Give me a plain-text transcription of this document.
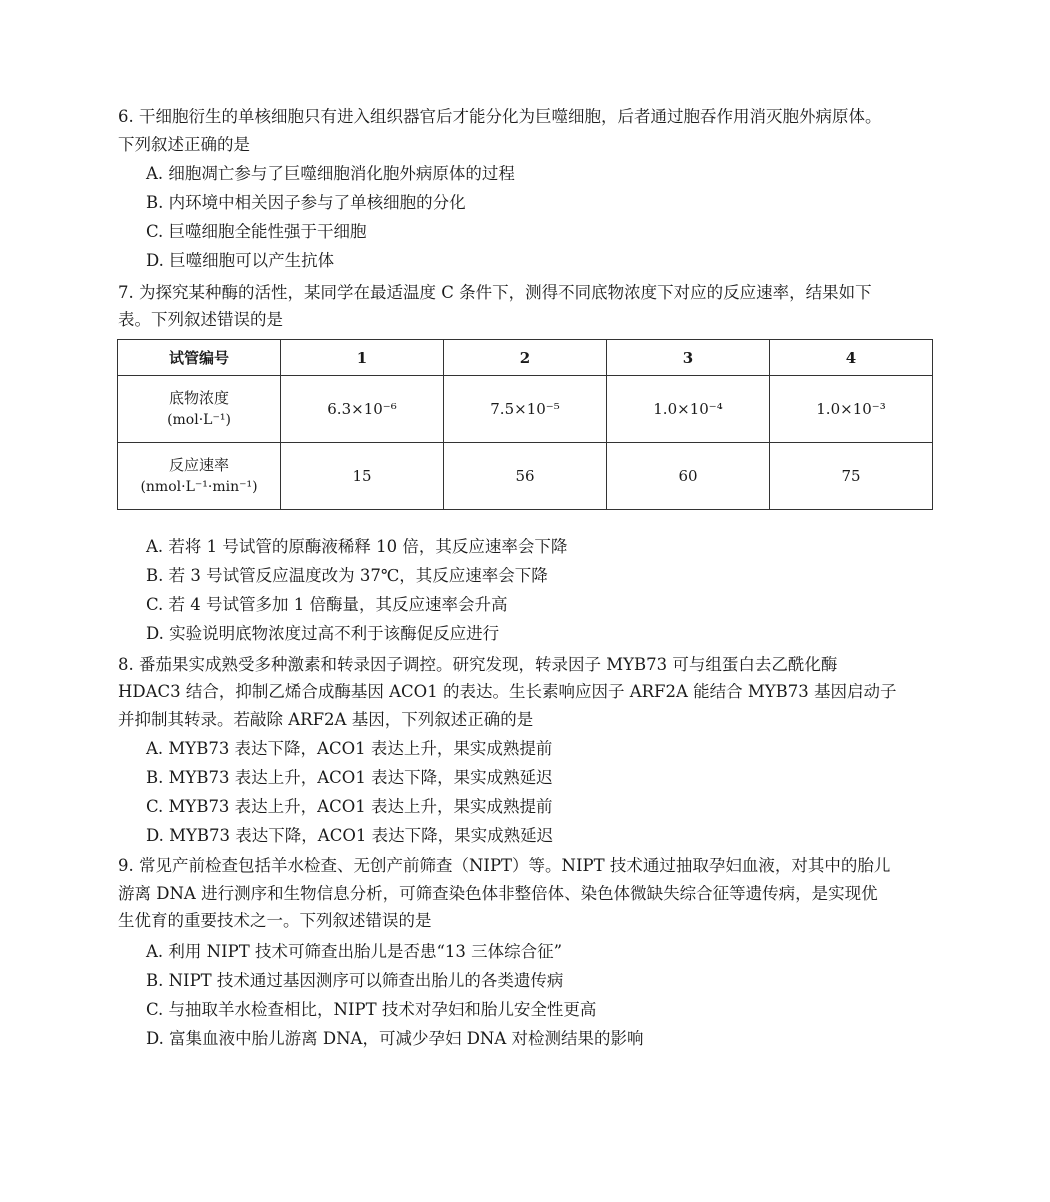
6. 干细胞衍生的单核细胞只有进入组织器官后才能分化为巨噬细胞，后者通过胞吞作用消灭胞外病原体。
下列叙述正确的是
A. 细胞凋亡参与了巨噬细胞消化胞外病原体的过程
B. 内环境中相关因子参与了单核细胞的分化
C. 巨噬细胞全能性强于干细胞
D. 巨噬细胞可以产生抗体
7. 为探究某种酶的活性，某同学在最适温度 C 条件下，测得不同底物浓度下对应的反应速率，结果如下
表。下列叙述错误的是
试管编号	1	2	3	4

底物浓度
(mol·L⁻¹)	6.3×10⁻⁶	7.5×10⁻⁵	1.0×10⁻⁴	1.0×10⁻³

反应速率
(nmol·L⁻¹·min⁻¹)	15	56	60	75
A. 若将 1 号试管的原酶液稀释 10 倍，其反应速率会下降
B. 若 3 号试管反应温度改为 37℃，其反应速率会下降
C. 若 4 号试管多加 1 倍酶量，其反应速率会升高
D. 实验说明底物浓度过高不利于该酶促反应进行
8. 番茄果实成熟受多种激素和转录因子调控。研究发现，转录因子 MYB73 可与组蛋白去乙酰化酶
HDAC3 结合，抑制乙烯合成酶基因 ACO1 的表达。生长素响应因子 ARF2A 能结合 MYB73 基因启动子
并抑制其转录。若敲除 ARF2A 基因，下列叙述正确的是
A. MYB73 表达下降，ACO1 表达上升，果实成熟提前
B. MYB73 表达上升，ACO1 表达下降，果实成熟延迟
C. MYB73 表达上升，ACO1 表达上升，果实成熟提前
D. MYB73 表达下降，ACO1 表达下降，果实成熟延迟
9. 常见产前检查包括羊水检查、无创产前筛查（NIPT）等。NIPT 技术通过抽取孕妇血液，对其中的胎儿
游离 DNA 进行测序和生物信息分析，可筛查染色体非整倍体、染色体微缺失综合征等遗传病，是实现优
生优育的重要技术之一。下列叙述错误的是
A. 利用 NIPT 技术可筛查出胎儿是否患“13 三体综合征”
B. NIPT 技术通过基因测序可以筛查出胎儿的各类遗传病
C. 与抽取羊水检查相比，NIPT 技术对孕妇和胎儿安全性更高
D. 富集血液中胎儿游离 DNA，可减少孕妇 DNA 对检测结果的影响
